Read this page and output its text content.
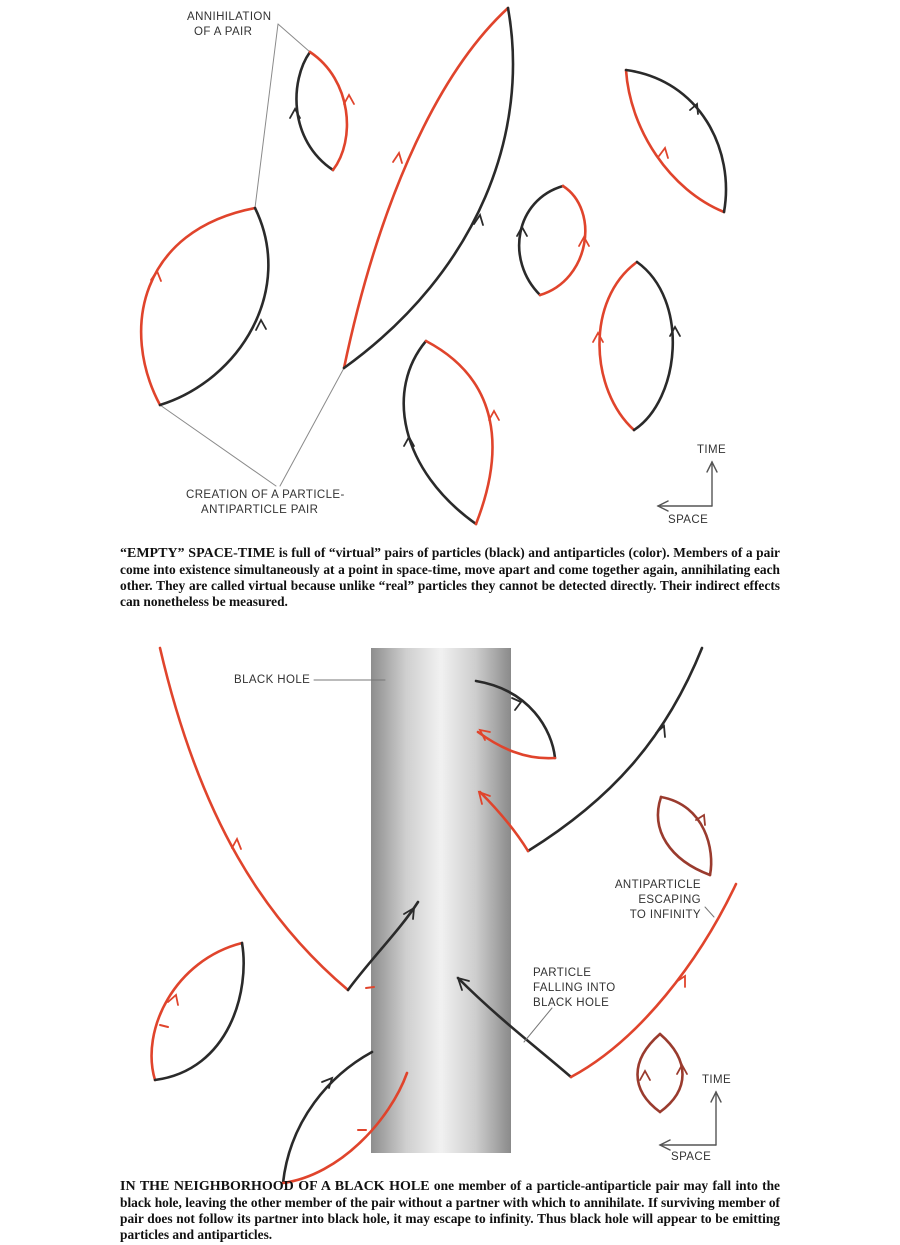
ANNIHILATION
OF A PAIR
CREATION OF A PARTICLE-
ANTIPARTICLE PAIR
TIME
SPACE

“EMPTY” SPACE-TIME is full of “virtual” pairs of particles (black) and antiparticles (color). Members of a pair come into existence simultaneously at a point in space-time, move apart and come together again, annihilating each other. They are called virtual because unlike “real” particles they cannot be detected directly. Their indirect effects can nonetheless be measured.

BLACK HOLE
ANTIPARTICLE
ESCAPING
TO INFINITY
PARTICLE
FALLING INTO
BLACK HOLE
TIME
SPACE

IN THE NEIGHBORHOOD OF A BLACK HOLE one member of a particle-antiparticle pair may fall into the black hole, leaving the other member of the pair without a partner with which to annihilate. If surviving member of pair does not follow its partner into black hole, it may escape to infinity. Thus black hole will appear to be emitting particles and antiparticles.
